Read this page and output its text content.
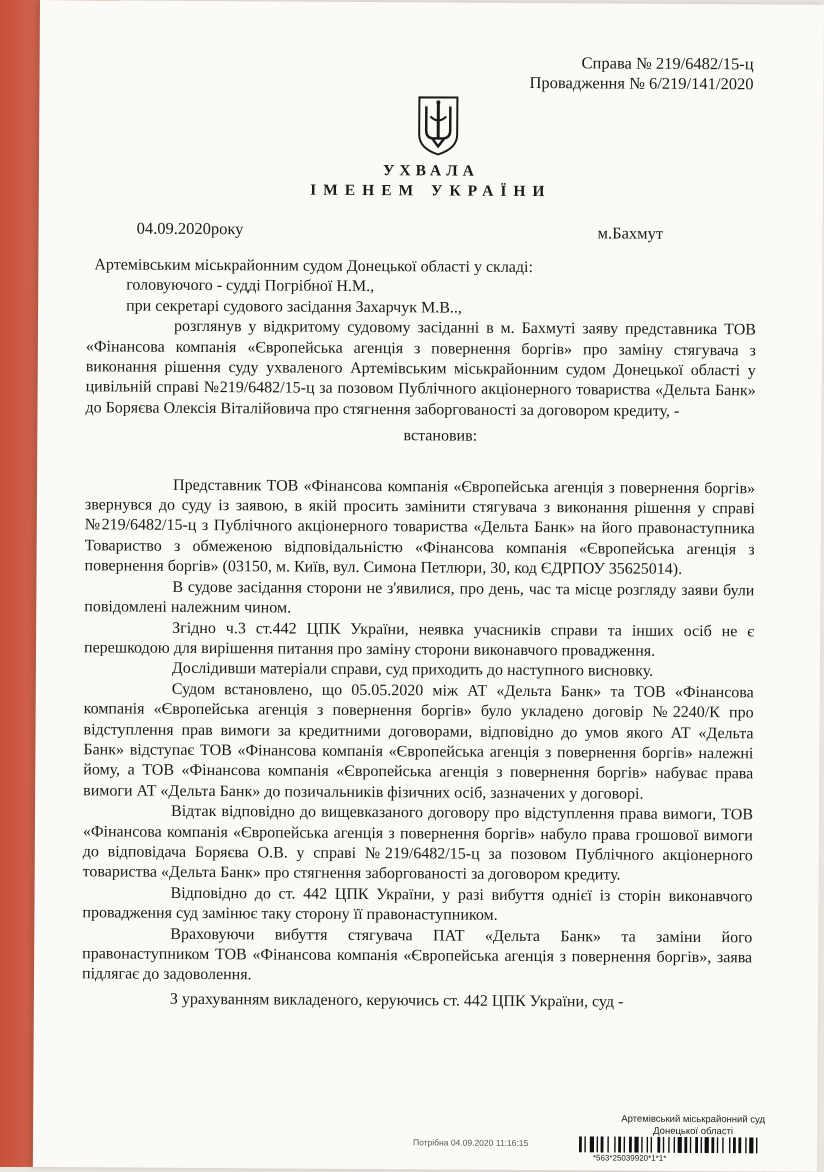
Справа № 219/6482/15-ц
Провадження № 6/219/141/2020
УХВАЛА
ІМЕНЕМ УКРАЇНИ
04.09.2020року	м.Бахмут

Артемівським міськрайонним судом Донецької області у складі:

головуючого - судді Погрібної Н.М.,

при секретарі судового засідання Захарчук М.В..,

розглянув у відкритому судовому засіданні в м. Бахмуті заяву представника ТОВ «Фінансова компанія «Європейська агенція з повернення боргів» про заміну стягувача з виконання рішення суду ухваленого Артемівським міськрайонним судом Донецької області у цивільній справі №219/6482/15-ц за позовом Публічного акціонерного товариства «Дельта Банк» до Боряєва Олексія Віталійовича про стягнення заборгованості за договором кредиту, -

встановив:

Представник ТОВ «Фінансова компанія «Європейська агенція з повернення боргів» звернувся до суду із заявою, в якій просить замінити стягувача з виконання рішення у справі №219/6482/15-ц з Публічного акціонерного товариства «Дельта Банк» на його правонаступника Товариство з обмеженою відповідальністю «Фінансова компанія «Європейська агенція з повернення боргів» (03150, м. Київ, вул. Симона Петлюри, 30, код ЄДРПОУ 35625014).

В судове засідання сторони не з'явилися, про день, час та місце розгляду заяви були повідомлені належним чином.

Згідно ч.3 ст.442 ЦПК України, неявка учасників справи та інших осіб не є перешкодою для вирішення питання про заміну сторони виконавчого провадження.

Дослідивши матеріали справи, суд приходить до наступного висновку.

Судом встановлено, що 05.05.2020 між АТ «Дельта Банк» та ТОВ «Фінансова компанія «Європейська агенція з повернення боргів» було укладено договір №2240/К про відступлення прав вимоги за кредитними договорами, відповідно до умов якого АТ «Дельта Банк» відступає ТОВ «Фінансова компанія «Європейська агенція з повернення боргів» належні йому, а ТОВ «Фінансова компанія «Європейська агенція з повернення боргів» набуває права вимоги АТ «Дельта Банк» до позичальників фізичних осіб, зазначених у договорі.

Відтак відповідно до вищевказаного договору про відступлення права вимоги, ТОВ «Фінансова компанія «Європейська агенція з повернення боргів» набуло права грошової вимоги до відповідача Боряєва О.В. у справі №219/6482/15-ц за позовом Публічного акціонерного товариства «Дельта Банк» про стягнення заборгованості за договором кредиту.

Відповідно до ст. 442 ЦПК України, у разі вибуття однієї із сторін виконавчого провадження суд замінює таку сторону її правонаступником.

Враховуючи вибуття стягувача ПАТ «Дельта Банк» та заміни його правонаступником ТОВ «Фінансова компанія «Європейська агенція з повернення боргів», заява підлягає до задоволення.

З урахуванням викладеного, керуючись ст. 442 ЦПК України, суд -

Артемівський міськрайонний суд
Донецької області
Потрібна 04.09.2020 11:16:15
*563*25039920*1*1*
